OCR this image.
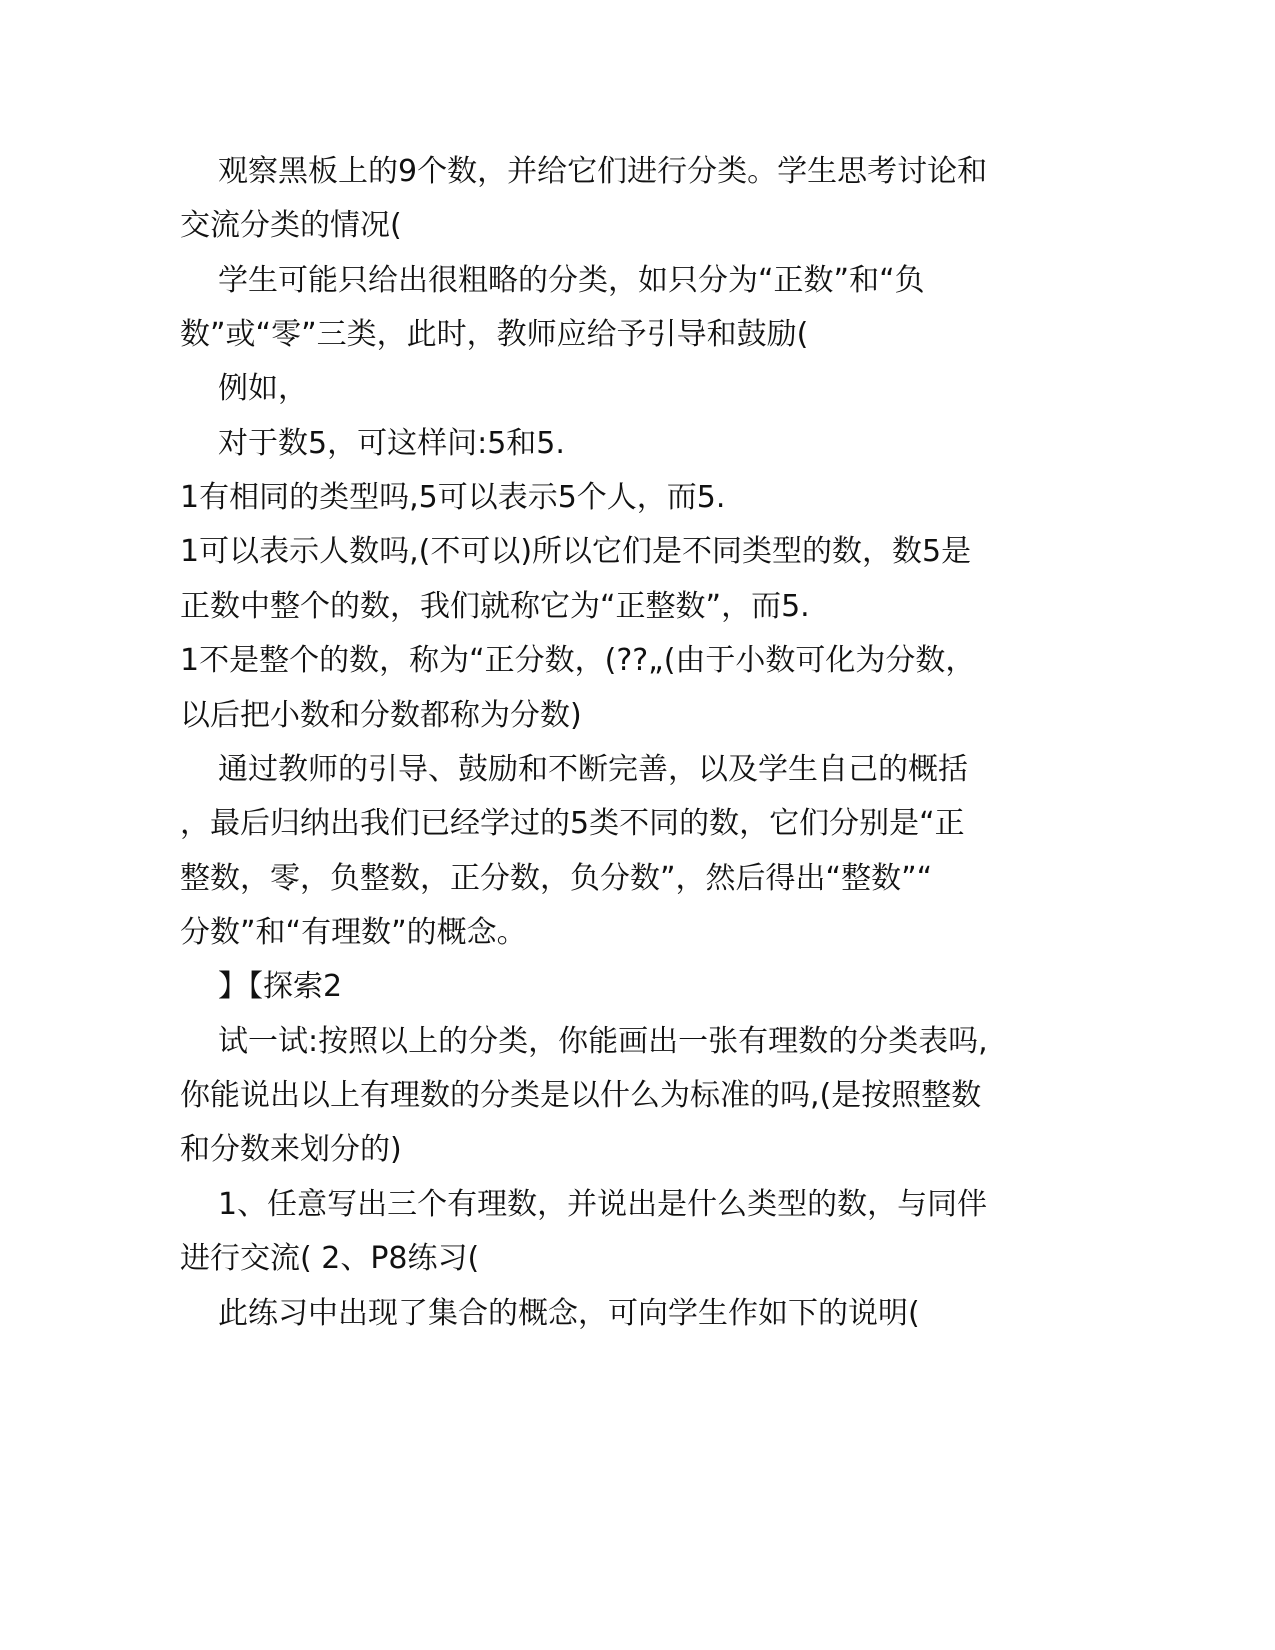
观察黑板上的9个数，并给它们进行分类。学生思考讨论和
交流分类的情况(
学生可能只给出很粗略的分类，如只分为“正数”和“负
数”或“零”三类，此时，教师应给予引导和鼓励(
例如，
对于数5，可这样问:5和5.
1有相同的类型吗,5可以表示5个人，而5.
1可以表示人数吗,(不可以)所以它们是不同类型的数，数5是
正数中整个的数，我们就称它为“正整数”，而5.
1不是整个的数，称为“正分数，(??„(由于小数可化为分数，
以后把小数和分数都称为分数)
通过教师的引导、鼓励和不断完善，以及学生自己的概括
，最后归纳出我们已经学过的5类不同的数，它们分别是“正
整数，零，负整数，正分数，负分数”，然后得出“整数”“
分数”和“有理数”的概念。
】【探索2
试一试:按照以上的分类，你能画出一张有理数的分类表吗,
你能说出以上有理数的分类是以什么为标准的吗,(是按照整数
和分数来划分的)
1、任意写出三个有理数，并说出是什么类型的数，与同伴
进行交流( 2、P8练习(
此练习中出现了集合的概念，可向学生作如下的说明(
